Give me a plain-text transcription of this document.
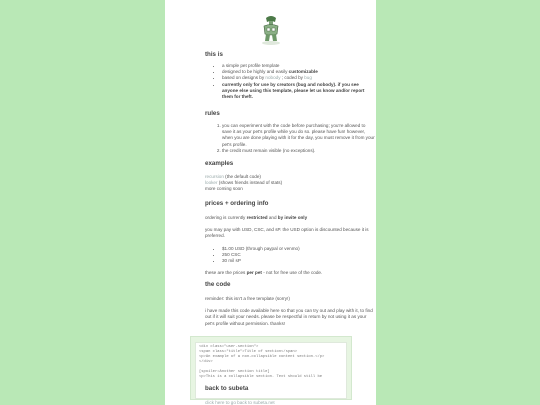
this is
• a simple pet profile template
• designed to be highly and easily customizable
• based on designs by nobody ; coded by bug
• currently only for use by creators (bug and nobody). if you see anyone else using this template, please let us know and/or report them for theft.
rules
1. you can experiment with the code before purchasing; you're allowed to save it as your pet's profile while you do so. please have fun! however, when you are done playing with it for the day, you must remove it from your pet's profile.
2. the credit must remain visible (no exceptions).
examples

recursion (the default code)

looker (shows friends instead of stats)

more coming soon

prices + ordering info

ordering is currently restricted and by invite only

you may pay with USD, CSC, and sP. the USD option is discounted because it is preferred.

• $1.00 USD (through paypal or venmo)
• 250 CSC
• 30 mil sP

these are the prices per pet - not for free use of the code.

the code

reminder: this isn't a free template (sorry!)

i have made this code available here so that you can try out and play with it, to find out if it will suit your needs. please be respectful in return by not using it as your pet's profile without permission. thanks!

<div class="user-section">
<span class="title">Title of section</span>
<p>An example of a non-collapsible content section.</p>
</div>

[spoiler=Another section title]
<p>This is a collapsible section. Text should still be
back to subeta

click here to go back to subeta.net
